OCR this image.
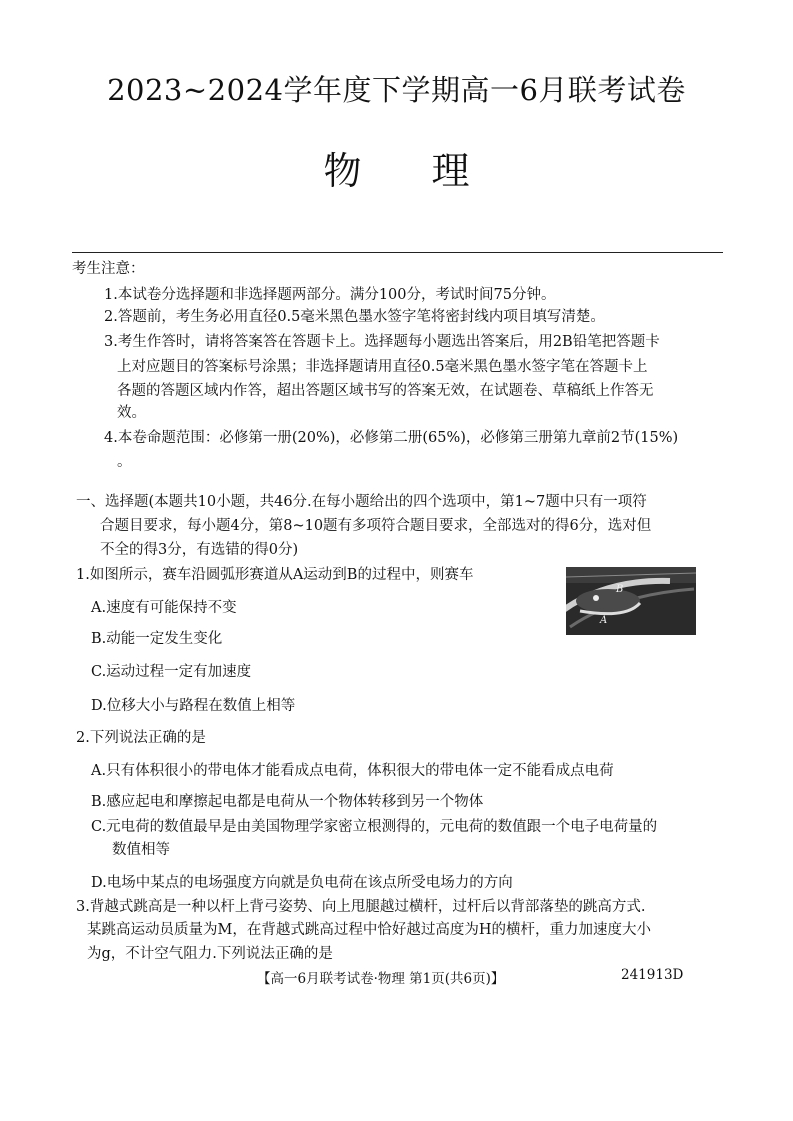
2023~2024学年度下学期高一6月联考试卷
物理
考生注意：
1.本试卷分选择题和非选择题两部分。满分100分，考试时间75分钟。
2.答题前，考生务必用直径0.5毫米黑色墨水签字笔将密封线内项目填写清楚。
3.考生作答时，请将答案答在答题卡上。选择题每小题选出答案后，用2B铅笔把答题卡
上对应题目的答案标号涂黑；非选择题请用直径0.5毫米黑色墨水签字笔在答题卡上
各题的答题区域内作答，超出答题区域书写的答案无效，在试题卷、草稿纸上作答无
效。
4.本卷命题范围：必修第一册(20%)，必修第二册(65%)，必修第三册第九章前2节(15%)
。
一、选择题(本题共10小题，共46分.在每小题给出的四个选项中，第1~7题中只有一项符
合题目要求，每小题4分，第8~10题有多项符合题目要求，全部选对的得6分，选对但
不全的得3分，有选错的得0分)
1.如图所示，赛车沿圆弧形赛道从A运动到B的过程中，则赛车
A.速度有可能保持不变
B.动能一定发生变化
C.运动过程一定有加速度
D.位移大小与路程在数值上相等
B
A
2.下列说法正确的是
A.只有体积很小的带电体才能看成点电荷，体积很大的带电体一定不能看成点电荷
B.感应起电和摩擦起电都是电荷从一个物体转移到另一个物体
C.元电荷的数值最早是由美国物理学家密立根测得的，元电荷的数值跟一个电子电荷量的
数值相等
D.电场中某点的电场强度方向就是负电荷在该点所受电场力的方向
3.背越式跳高是一种以杆上背弓姿势、向上甩腿越过横杆，过杆后以背部落垫的跳高方式.
某跳高运动员质量为M，在背越式跳高过程中恰好越过高度为H的横杆，重力加速度大小
为g，不计空气阻力.下列说法正确的是
【高一6月联考试卷·物理 第1页(共6页)】	241913D
